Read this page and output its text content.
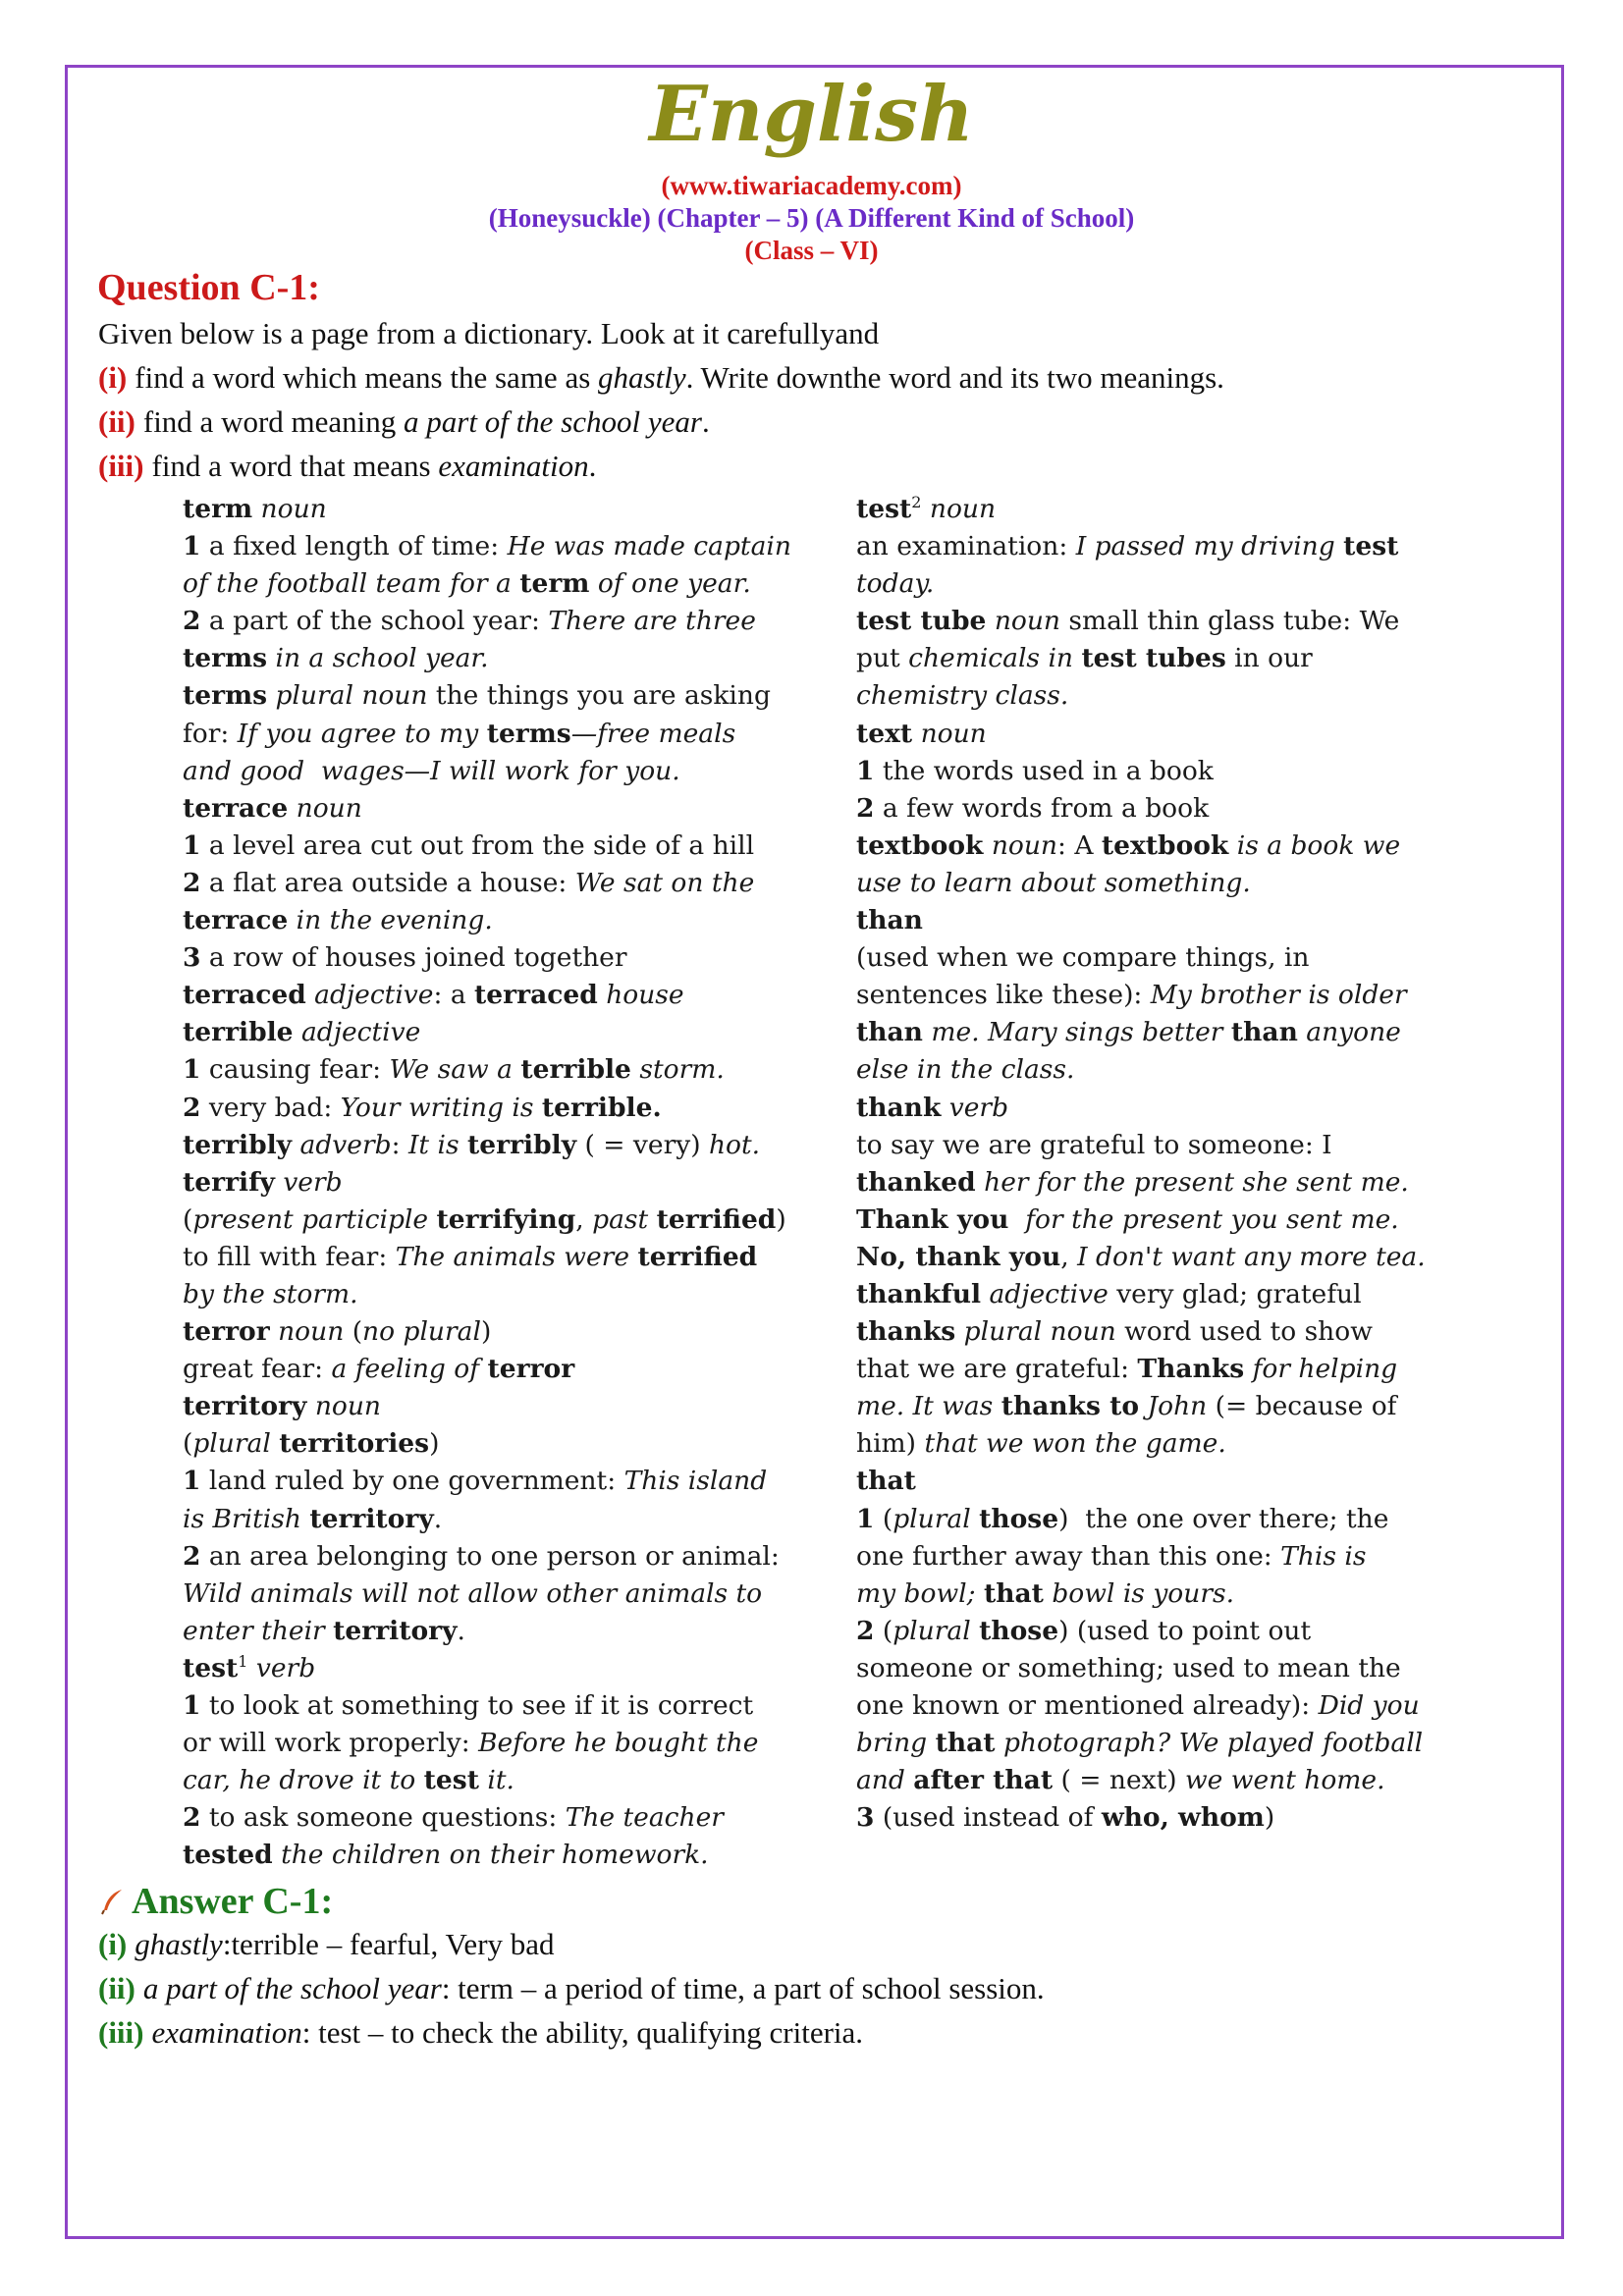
English
(www.tiwariacademy.com)
(Honeysuckle) (Chapter – 5) (A Different Kind of School)
(Class – VI)
Question C-1:
Given below is a page from a dictionary. Look at it carefullyand
(i) find a word which means the same as ghastly. Write downthe word and its two meanings.
(ii) find a word meaning a part of the school year.
(iii) find a word that means examination.
term noun
1 a fixed length of time: He was made captain
of the football team for a term of one year.
2 a part of the school year: There are three
terms in a school year.
terms plural noun the things you are asking
for: If you agree to my terms—free meals
and good  wages—I will work for you.
terrace noun
1 a level area cut out from the side of a hill
2 a flat area outside a house: We sat on the
terrace in the evening.
3 a row of houses joined together
terraced adjective: a terraced house
terrible adjective
1 causing fear: We saw a terrible storm.
2 very bad: Your writing is terrible.
terribly adverb: It is terribly ( = very) hot.
terrify verb
(present participle terrifying, past terrified)
to fill with fear: The animals were terrified
by the storm.
terror noun (no plural)
great fear: a feeling of terror
territory noun
(plural territories)
1 land ruled by one government: This island
is British territory.
2 an area belonging to one person or animal:
Wild animals will not allow other animals to
enter their territory.
test$^1$ verb
1 to look at something to see if it is correct
or will work properly: Before he bought the
car, he drove it to test it.
2 to ask someone questions: The teacher
tested the children on their homework.
test$^2$ noun
an examination: I passed my driving test
today.
test tube noun small thin glass tube: We
put chemicals in test tubes in our
chemistry class.
text noun
1 the words used in a book
2 a few words from a book
textbook noun: A textbook is a book we
use to learn about something.
than
(used when we compare things, in
sentences like these): My brother is older
than me. Mary sings better than anyone
else in the class.
thank verb
to say we are grateful to someone: I
thanked her for the present she sent me.
Thank you  for the present you sent me.
No, thank you, I don't want any more tea.
thankful adjective very glad; grateful
thanks plural noun word used to show
that we are grateful: Thanks for helping
me. It was thanks to John (= because of
him) that we won the game.
that
1 (plural those)  the one over there; the
one further away than this one: This is
my bowl; that bowl is yours.
2 (plural those) (used to point out
someone or something; used to mean the
one known or mentioned already): Did you
bring that photograph? We played football
and after that ( = next) we went home.
3 (used instead of who, whom)
Answer C-1:
(i) ghastly:terrible – fearful, Very bad
(ii) a part of the school year: term – a period of time, a part of school session.
(iii) examination: test – to check the ability, qualifying criteria.
